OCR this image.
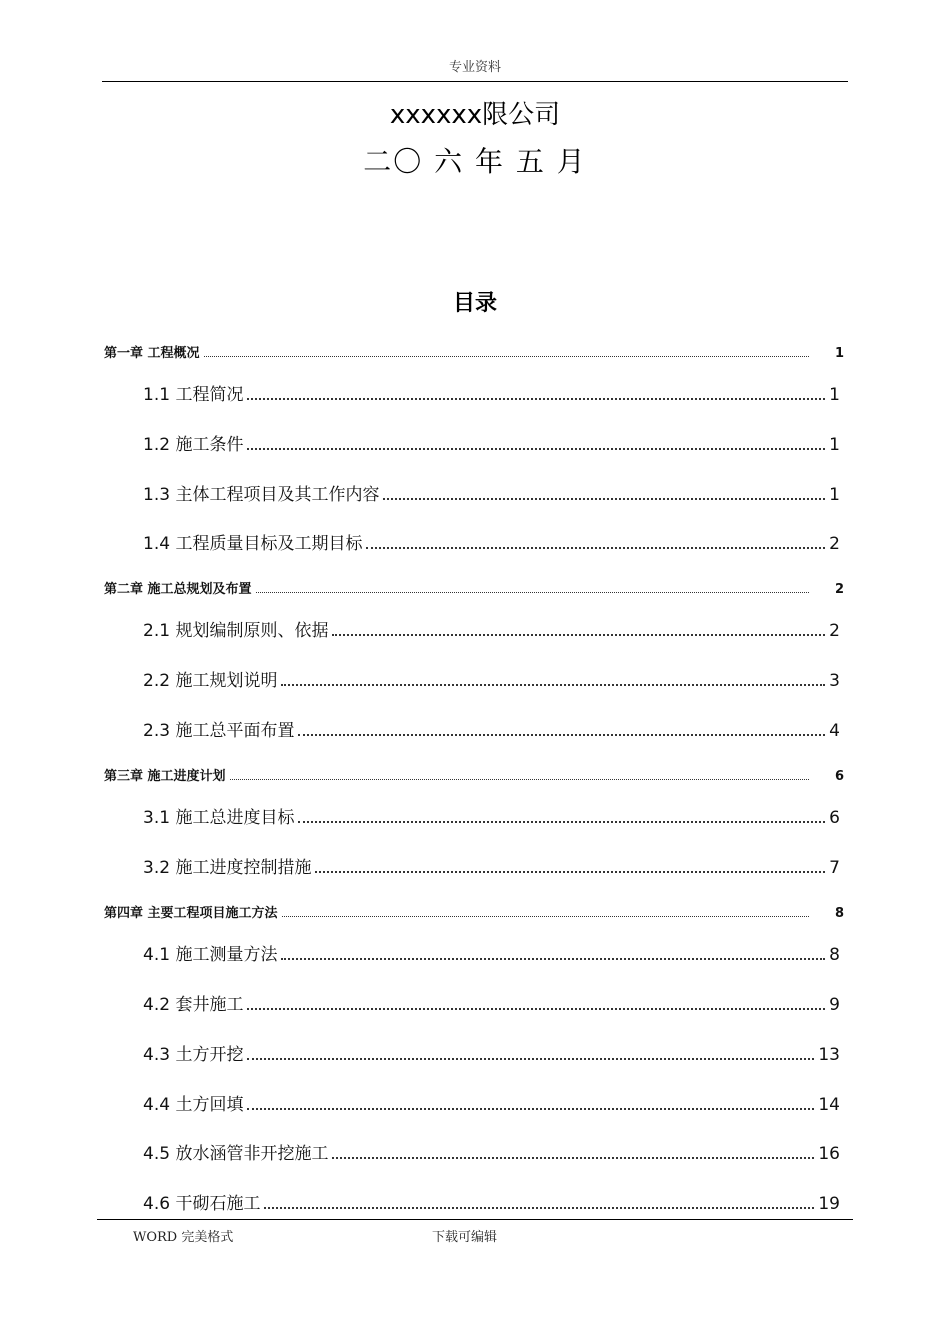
专业资料
xxxxxx限公司
二〇 六 年 五 月
目录
第一章 工程概况	1
1.1 工程简况	1
1.2 施工条件	1
1.3 主体工程项目及其工作内容	1
1.4 工程质量目标及工期目标	2
第二章 施工总规划及布置	2
2.1 规划编制原则、依据	2
2.2 施工规划说明	3
2.3 施工总平面布置	4
第三章 施工进度计划	6
3.1 施工总进度目标	6
3.2 施工进度控制措施	7
第四章 主要工程项目施工方法	8
4.1 施工测量方法	8
4.2 套井施工	9
4.3 土方开挖	13
4.4 土方回填	14
4.5 放水涵管非开挖施工	16
4.6 干砌石施工	19
WORD 完美格式	下载可编辑
